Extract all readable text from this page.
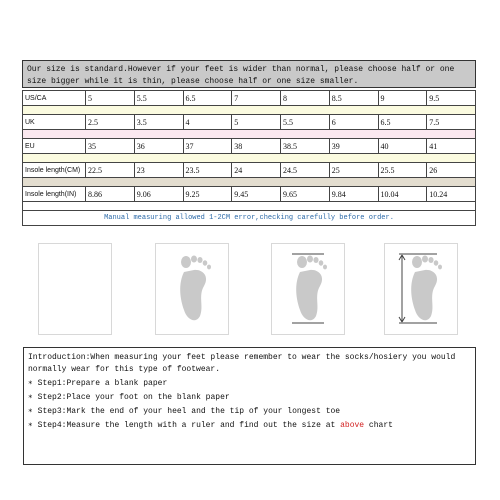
Our size is standard.However if your feet is wider than normal, please choose half or one size bigger while it is thin, please choose half or one size smaller.
US/CA	5	5.5	6.5	7	8	8.5	9	9.5

UK	2.5	3.5	4	5	5.5	6	6.5	7.5

EU	35	36	37	38	38.5	39	40	41

Insole length(CM)	22.5	23	23.5	24	24.5	25	25.5	26

Insole length(IN)	8.86	9.06	9.25	9.45	9.65	9.84	10.04	10.24

Manual measuring allowed 1-2CM error,checking carefully before order.

Introduction:When measuring your feet please remember to wear the socks/hosiery you would normally wear for this type of footwear.

∗ Step1:Prepare a blank paper

∗ Step2:Place your foot on the blank paper

∗ Step3:Mark the end of your heel and the tip of your longest toe

∗ Step4:Measure the length with a ruler and find out the size at above chart
